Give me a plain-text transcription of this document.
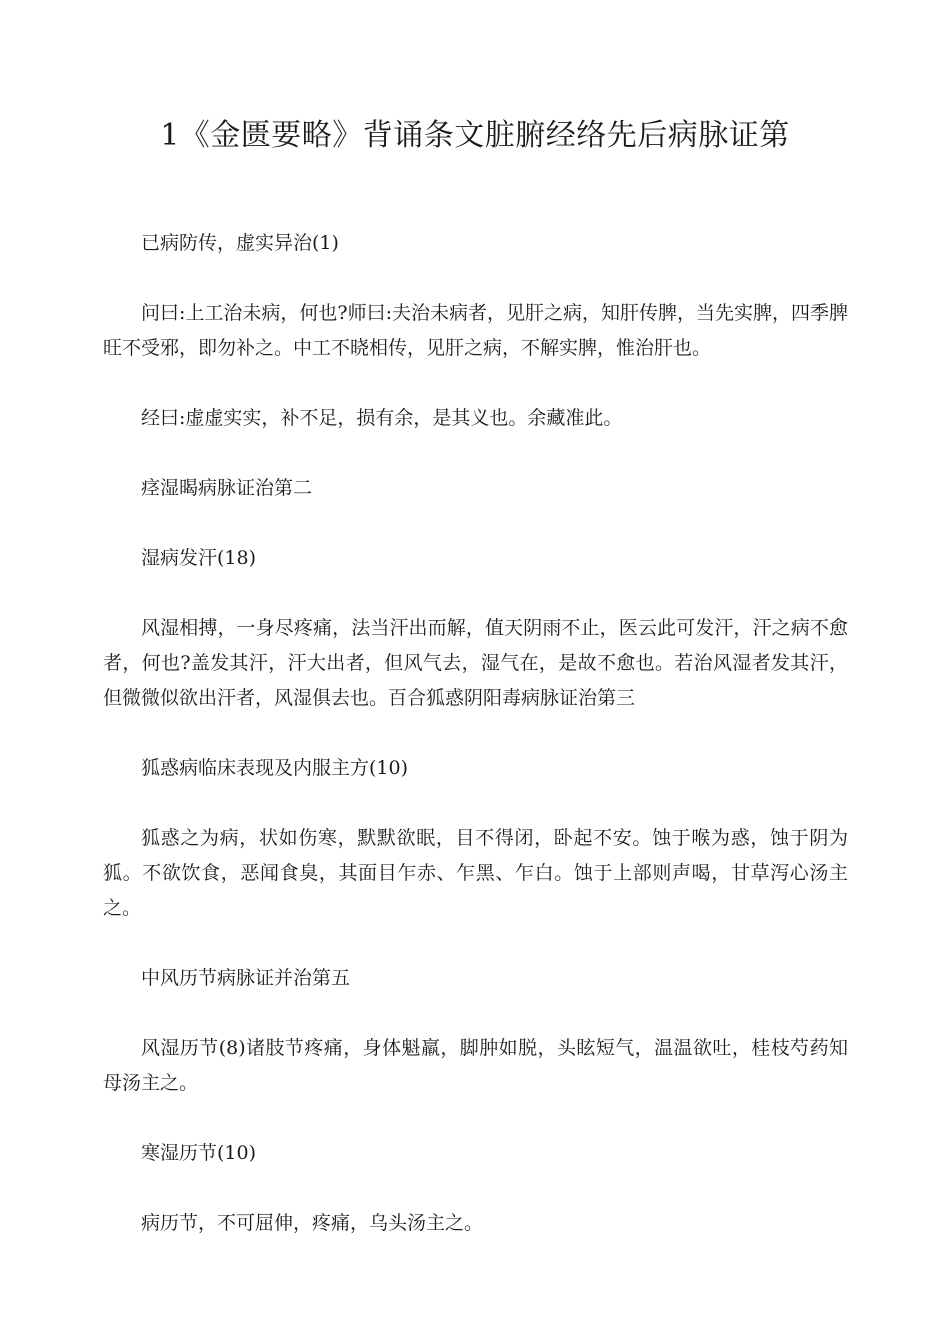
1《金匮要略》背诵条文脏腑经络先后病脉证第

已病防传，虚实异治(1)

问曰:上工治未病，何也?师曰:夫治未病者，见肝之病，知肝传脾，当先实脾，四季脾旺不受邪，即勿补之。中工不晓相传，见肝之病，不解实脾，惟治肝也。

经曰:虚虚实实，补不足，损有余，是其义也。余藏准此。

痉湿暍病脉证治第二

湿病发汗(18)

风湿相搏，一身尽疼痛，法当汗出而解，值天阴雨不止，医云此可发汗，汗之病不愈者，何也?盖发其汗，汗大出者，但风气去，湿气在，是故不愈也。若治风湿者发其汗，但微微似欲出汗者，风湿俱去也。百合狐惑阴阳毒病脉证治第三

狐惑病临床表现及内服主方(10)

狐惑之为病，状如伤寒，默默欲眠，目不得闭，卧起不安。蚀于喉为惑，蚀于阴为狐。不欲饮食，恶闻食臭，其面目乍赤、乍黑、乍白。蚀于上部则声喝，甘草泻心汤主之。

中风历节病脉证并治第五

风湿历节(8)诸肢节疼痛，身体魁羸，脚肿如脱，头眩短气，温温欲吐，桂枝芍药知母汤主之。

寒湿历节(10)

病历节，不可屈伸，疼痛，乌头汤主之。
